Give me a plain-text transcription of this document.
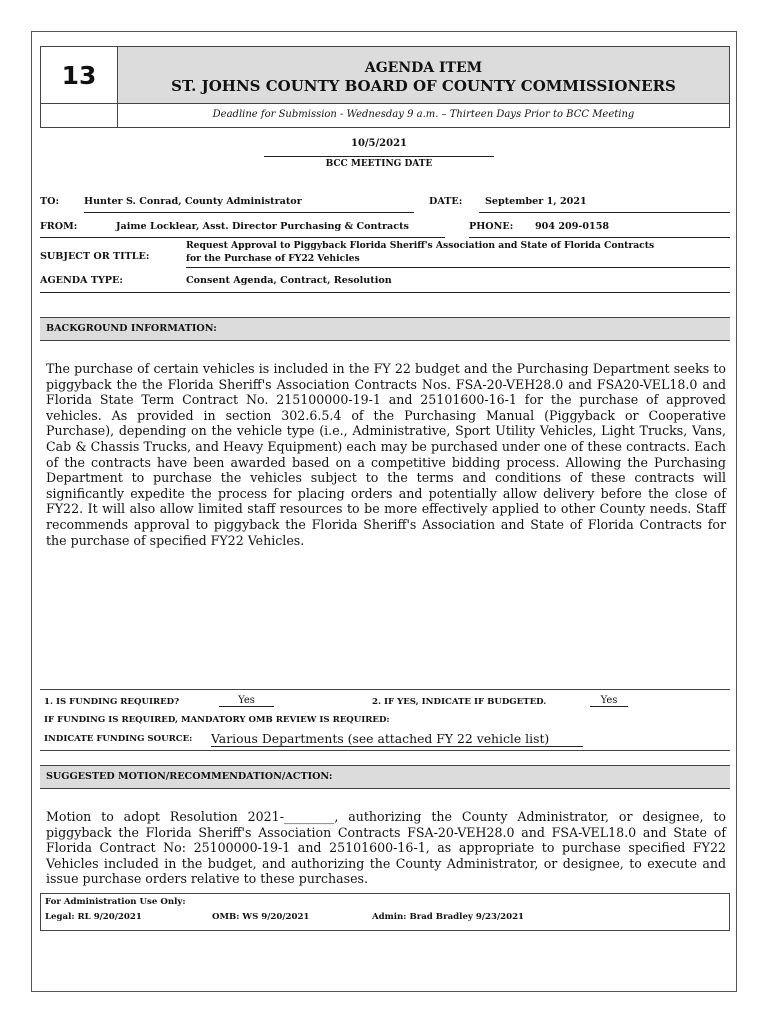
13	AGENDA ITEM
ST. JOHNS COUNTY BOARD OF COUNTY COMMISSIONERS
Deadline for Submission - Wednesday 9 a.m. – Thirteen Days Prior to BCC Meeting
10/5/2021
BCC MEETING DATE
TO:	Hunter S. Conrad, County Administrator	DATE: September 1, 2021
FROM:	Jaime Locklear, Asst. Director Purchasing & Contracts	PHONE: 904 209-0158
SUBJECT OR TITLE:
Request Approval to Piggyback Florida Sheriff's Association and State of Florida Contracts
for the Purchase of FY22 Vehicles
AGENDA TYPE:	Consent Agenda, Contract, Resolution
BACKGROUND INFORMATION:
The purchase of certain vehicles is included in the FY 22 budget and the Purchasing Department seeks to piggyback the the Florida Sheriff's Association Contracts Nos. FSA-20-VEH28.0 and FSA20-VEL18.0 and Florida State Term Contract No. 215100000-19-1 and 25101600-16-1 for the purchase of approved vehicles. As provided in section 302.6.5.4 of the Purchasing Manual (Piggyback or Cooperative Purchase), depending on the vehicle type (i.e., Administrative, Sport Utility Vehicles, Light Trucks, Vans, Cab & Chassis Trucks, and Heavy Equipment) each may be purchased under one of these contracts. Each of the contracts have been awarded based on a competitive bidding process. Allowing the Purchasing Department to purchase the vehicles subject to the terms and conditions of these contracts will significantly expedite the process for placing orders and potentially allow delivery before the close of FY22. It will also allow limited staff resources to be more effectively applied to other County needs. Staff recommends approval to piggyback the Florida Sheriff's Association and State of Florida Contracts for the purchase of specified FY22 Vehicles.
1. IS FUNDING REQUIRED?	Yes	2. IF YES, INDICATE IF BUDGETED.	Yes
IF FUNDING IS REQUIRED, MANDATORY OMB REVIEW IS REQUIRED:
INDICATE FUNDING SOURCE: Various Departments (see attached FY 22 vehicle list)
SUGGESTED MOTION/RECOMMENDATION/ACTION:
Motion to adopt Resolution 2021-________, authorizing the County Administrator, or designee, to piggyback the Florida Sheriff's Association Contracts FSA-20-VEH28.0 and FSA-VEL18.0 and State of Florida Contract No: 25100000-19-1 and 25101600-16-1, as appropriate to purchase specified FY22 Vehicles included in the budget, and authorizing the County Administrator, or designee, to execute and issue purchase orders relative to these purchases.
For Administration Use Only:
Legal: RL 9/20/2021	OMB: WS 9/20/2021	Admin: Brad Bradley 9/23/2021
